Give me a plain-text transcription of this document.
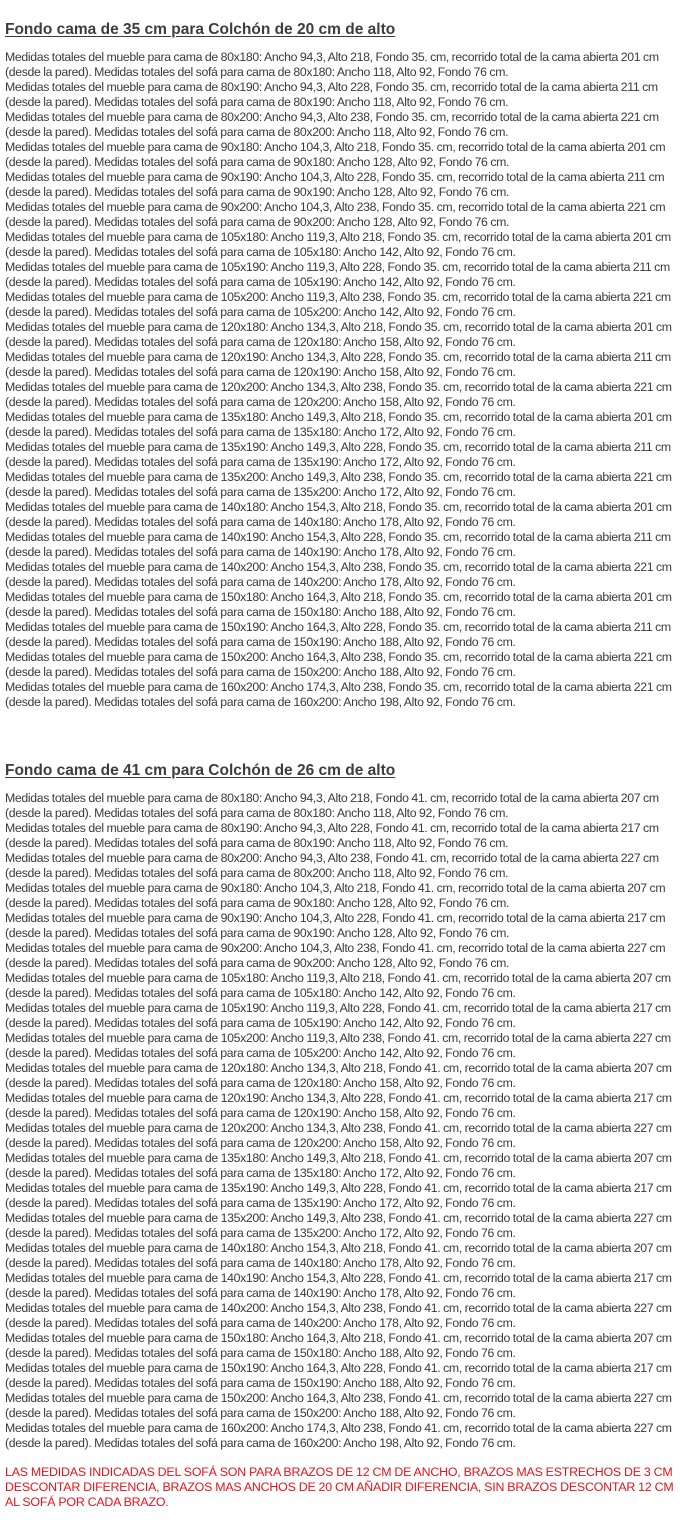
Fondo cama de 35 cm para Colchón de 20 cm de alto

Medidas totales del mueble para cama de 80x180: Ancho 94,3, Alto 218, Fondo 35. cm, recorrido total de la cama abierta 201 cm (desde la pared). Medidas totales del sofá para cama de 80x180: Ancho 118, Alto 92, Fondo 76 cm.

Medidas totales del mueble para cama de 80x190: Ancho 94,3, Alto 228, Fondo 35. cm, recorrido total de la cama abierta 211 cm (desde la pared). Medidas totales del sofá para cama de 80x190: Ancho 118, Alto 92, Fondo 76 cm.

Medidas totales del mueble para cama de 80x200: Ancho 94,3, Alto 238, Fondo 35. cm, recorrido total de la cama abierta 221 cm (desde la pared). Medidas totales del sofá para cama de 80x200: Ancho 118, Alto 92, Fondo 76 cm.

Medidas totales del mueble para cama de 90x180: Ancho 104,3, Alto 218, Fondo 35. cm, recorrido total de la cama abierta 201 cm (desde la pared). Medidas totales del sofá para cama de 90x180: Ancho 128, Alto 92, Fondo 76 cm.

Medidas totales del mueble para cama de 90x190: Ancho 104,3, Alto 228, Fondo 35. cm, recorrido total de la cama abierta 211 cm (desde la pared). Medidas totales del sofá para cama de 90x190: Ancho 128, Alto 92, Fondo 76 cm.

Medidas totales del mueble para cama de 90x200: Ancho 104,3, Alto 238, Fondo 35. cm, recorrido total de la cama abierta 221 cm (desde la pared). Medidas totales del sofá para cama de 90x200: Ancho 128, Alto 92, Fondo 76 cm.

Medidas totales del mueble para cama de 105x180: Ancho 119,3, Alto 218, Fondo 35. cm, recorrido total de la cama abierta 201 cm (desde la pared). Medidas totales del sofá para cama de 105x180: Ancho 142, Alto 92, Fondo 76 cm.

Medidas totales del mueble para cama de 105x190: Ancho 119,3, Alto 228, Fondo 35. cm, recorrido total de la cama abierta 211 cm (desde la pared). Medidas totales del sofá para cama de 105x190: Ancho 142, Alto 92, Fondo 76 cm.

Medidas totales del mueble para cama de 105x200: Ancho 119,3, Alto 238, Fondo 35. cm, recorrido total de la cama abierta 221 cm (desde la pared). Medidas totales del sofá para cama de 105x200: Ancho 142, Alto 92, Fondo 76 cm.

Medidas totales del mueble para cama de 120x180: Ancho 134,3, Alto 218, Fondo 35. cm, recorrido total de la cama abierta 201 cm (desde la pared). Medidas totales del sofá para cama de 120x180: Ancho 158, Alto 92, Fondo 76 cm.

Medidas totales del mueble para cama de 120x190: Ancho 134,3, Alto 228, Fondo 35. cm, recorrido total de la cama abierta 211 cm (desde la pared). Medidas totales del sofá para cama de 120x190: Ancho 158, Alto 92, Fondo 76 cm.

Medidas totales del mueble para cama de 120x200: Ancho 134,3, Alto 238, Fondo 35. cm, recorrido total de la cama abierta 221 cm (desde la pared). Medidas totales del sofá para cama de 120x200: Ancho 158, Alto 92, Fondo 76 cm.

Medidas totales del mueble para cama de 135x180: Ancho 149,3, Alto 218, Fondo 35. cm, recorrido total de la cama abierta 201 cm (desde la pared). Medidas totales del sofá para cama de 135x180: Ancho 172, Alto 92, Fondo 76 cm.

Medidas totales del mueble para cama de 135x190: Ancho 149,3, Alto 228, Fondo 35. cm, recorrido total de la cama abierta 211 cm (desde la pared). Medidas totales del sofá para cama de 135x190: Ancho 172, Alto 92, Fondo 76 cm.

Medidas totales del mueble para cama de 135x200: Ancho 149,3, Alto 238, Fondo 35. cm, recorrido total de la cama abierta 221 cm (desde la pared). Medidas totales del sofá para cama de 135x200: Ancho 172, Alto 92, Fondo 76 cm.

Medidas totales del mueble para cama de 140x180: Ancho 154,3, Alto 218, Fondo 35. cm, recorrido total de la cama abierta 201 cm (desde la pared). Medidas totales del sofá para cama de 140x180: Ancho 178, Alto 92, Fondo 76 cm.

Medidas totales del mueble para cama de 140x190: Ancho 154,3, Alto 228, Fondo 35. cm, recorrido total de la cama abierta 211 cm (desde la pared). Medidas totales del sofá para cama de 140x190: Ancho 178, Alto 92, Fondo 76 cm.

Medidas totales del mueble para cama de 140x200: Ancho 154,3, Alto 238, Fondo 35. cm, recorrido total de la cama abierta 221 cm (desde la pared). Medidas totales del sofá para cama de 140x200: Ancho 178, Alto 92, Fondo 76 cm.

Medidas totales del mueble para cama de 150x180: Ancho 164,3, Alto 218, Fondo 35. cm, recorrido total de la cama abierta 201 cm (desde la pared). Medidas totales del sofá para cama de 150x180: Ancho 188, Alto 92, Fondo 76 cm.

Medidas totales del mueble para cama de 150x190: Ancho 164,3, Alto 228, Fondo 35. cm, recorrido total de la cama abierta 211 cm (desde la pared). Medidas totales del sofá para cama de 150x190: Ancho 188, Alto 92, Fondo 76 cm.

Medidas totales del mueble para cama de 150x200: Ancho 164,3, Alto 238, Fondo 35. cm, recorrido total de la cama abierta 221 cm (desde la pared). Medidas totales del sofá para cama de 150x200: Ancho 188, Alto 92, Fondo 76 cm.

Medidas totales del mueble para cama de 160x200: Ancho 174,3, Alto 238, Fondo 35. cm, recorrido total de la cama abierta 221 cm (desde la pared). Medidas totales del sofá para cama de 160x200: Ancho 198, Alto 92, Fondo 76 cm.

Fondo cama de 41 cm para Colchón de 26 cm de alto

Medidas totales del mueble para cama de 80x180: Ancho 94,3, Alto 218, Fondo 41. cm, recorrido total de la cama abierta 207 cm (desde la pared). Medidas totales del sofá para cama de 80x180: Ancho 118, Alto 92, Fondo 76 cm.

Medidas totales del mueble para cama de 80x190: Ancho 94,3, Alto 228, Fondo 41. cm, recorrido total de la cama abierta 217 cm (desde la pared). Medidas totales del sofá para cama de 80x190: Ancho 118, Alto 92, Fondo 76 cm.

Medidas totales del mueble para cama de 80x200: Ancho 94,3, Alto 238, Fondo 41. cm, recorrido total de la cama abierta 227 cm (desde la pared). Medidas totales del sofá para cama de 80x200: Ancho 118, Alto 92, Fondo 76 cm.

Medidas totales del mueble para cama de 90x180: Ancho 104,3, Alto 218, Fondo 41. cm, recorrido total de la cama abierta 207 cm (desde la pared). Medidas totales del sofá para cama de 90x180: Ancho 128, Alto 92, Fondo 76 cm.

Medidas totales del mueble para cama de 90x190: Ancho 104,3, Alto 228, Fondo 41. cm, recorrido total de la cama abierta 217 cm (desde la pared). Medidas totales del sofá para cama de 90x190: Ancho 128, Alto 92, Fondo 76 cm.

Medidas totales del mueble para cama de 90x200: Ancho 104,3, Alto 238, Fondo 41. cm, recorrido total de la cama abierta 227 cm (desde la pared). Medidas totales del sofá para cama de 90x200: Ancho 128, Alto 92, Fondo 76 cm.

Medidas totales del mueble para cama de 105x180: Ancho 119,3, Alto 218, Fondo 41. cm, recorrido total de la cama abierta 207 cm (desde la pared). Medidas totales del sofá para cama de 105x180: Ancho 142, Alto 92, Fondo 76 cm.

Medidas totales del mueble para cama de 105x190: Ancho 119,3, Alto 228, Fondo 41. cm, recorrido total de la cama abierta 217 cm (desde la pared). Medidas totales del sofá para cama de 105x190: Ancho 142, Alto 92, Fondo 76 cm.

Medidas totales del mueble para cama de 105x200: Ancho 119,3, Alto 238, Fondo 41. cm, recorrido total de la cama abierta 227 cm (desde la pared). Medidas totales del sofá para cama de 105x200: Ancho 142, Alto 92, Fondo 76 cm.

Medidas totales del mueble para cama de 120x180: Ancho 134,3, Alto 218, Fondo 41. cm, recorrido total de la cama abierta 207 cm (desde la pared). Medidas totales del sofá para cama de 120x180: Ancho 158, Alto 92, Fondo 76 cm.

Medidas totales del mueble para cama de 120x190: Ancho 134,3, Alto 228, Fondo 41. cm, recorrido total de la cama abierta 217 cm (desde la pared). Medidas totales del sofá para cama de 120x190: Ancho 158, Alto 92, Fondo 76 cm.

Medidas totales del mueble para cama de 120x200: Ancho 134,3, Alto 238, Fondo 41. cm, recorrido total de la cama abierta 227 cm (desde la pared). Medidas totales del sofá para cama de 120x200: Ancho 158, Alto 92, Fondo 76 cm.

Medidas totales del mueble para cama de 135x180: Ancho 149,3, Alto 218, Fondo 41. cm, recorrido total de la cama abierta 207 cm (desde la pared). Medidas totales del sofá para cama de 135x180: Ancho 172, Alto 92, Fondo 76 cm.

Medidas totales del mueble para cama de 135x190: Ancho 149,3, Alto 228, Fondo 41. cm, recorrido total de la cama abierta 217 cm (desde la pared). Medidas totales del sofá para cama de 135x190: Ancho 172, Alto 92, Fondo 76 cm.

Medidas totales del mueble para cama de 135x200: Ancho 149,3, Alto 238, Fondo 41. cm, recorrido total de la cama abierta 227 cm (desde la pared). Medidas totales del sofá para cama de 135x200: Ancho 172, Alto 92, Fondo 76 cm.

Medidas totales del mueble para cama de 140x180: Ancho 154,3, Alto 218, Fondo 41. cm, recorrido total de la cama abierta 207 cm (desde la pared). Medidas totales del sofá para cama de 140x180: Ancho 178, Alto 92, Fondo 76 cm.

Medidas totales del mueble para cama de 140x190: Ancho 154,3, Alto 228, Fondo 41. cm, recorrido total de la cama abierta 217 cm (desde la pared). Medidas totales del sofá para cama de 140x190: Ancho 178, Alto 92, Fondo 76 cm.

Medidas totales del mueble para cama de 140x200: Ancho 154,3, Alto 238, Fondo 41. cm, recorrido total de la cama abierta 227 cm (desde la pared). Medidas totales del sofá para cama de 140x200: Ancho 178, Alto 92, Fondo 76 cm.

Medidas totales del mueble para cama de 150x180: Ancho 164,3, Alto 218, Fondo 41. cm, recorrido total de la cama abierta 207 cm (desde la pared). Medidas totales del sofá para cama de 150x180: Ancho 188, Alto 92, Fondo 76 cm.

Medidas totales del mueble para cama de 150x190: Ancho 164,3, Alto 228, Fondo 41. cm, recorrido total de la cama abierta 217 cm (desde la pared). Medidas totales del sofá para cama de 150x190: Ancho 188, Alto 92, Fondo 76 cm.

Medidas totales del mueble para cama de 150x200: Ancho 164,3, Alto 238, Fondo 41. cm, recorrido total de la cama abierta 227 cm (desde la pared). Medidas totales del sofá para cama de 150x200: Ancho 188, Alto 92, Fondo 76 cm.

Medidas totales del mueble para cama de 160x200: Ancho 174,3, Alto 238, Fondo 41. cm, recorrido total de la cama abierta 227 cm (desde la pared). Medidas totales del sofá para cama de 160x200: Ancho 198, Alto 92, Fondo 76 cm.

LAS MEDIDAS INDICADAS DEL SOFÁ SON PARA BRAZOS DE 12 CM DE ANCHO, BRAZOS MAS ESTRECHOS DE 3 CM DESCONTAR DIFERENCIA, BRAZOS MAS ANCHOS DE 20 CM AÑADIR DIFERENCIA, SIN BRAZOS DESCONTAR 12 CM AL SOFÁ POR CADA BRAZO.
